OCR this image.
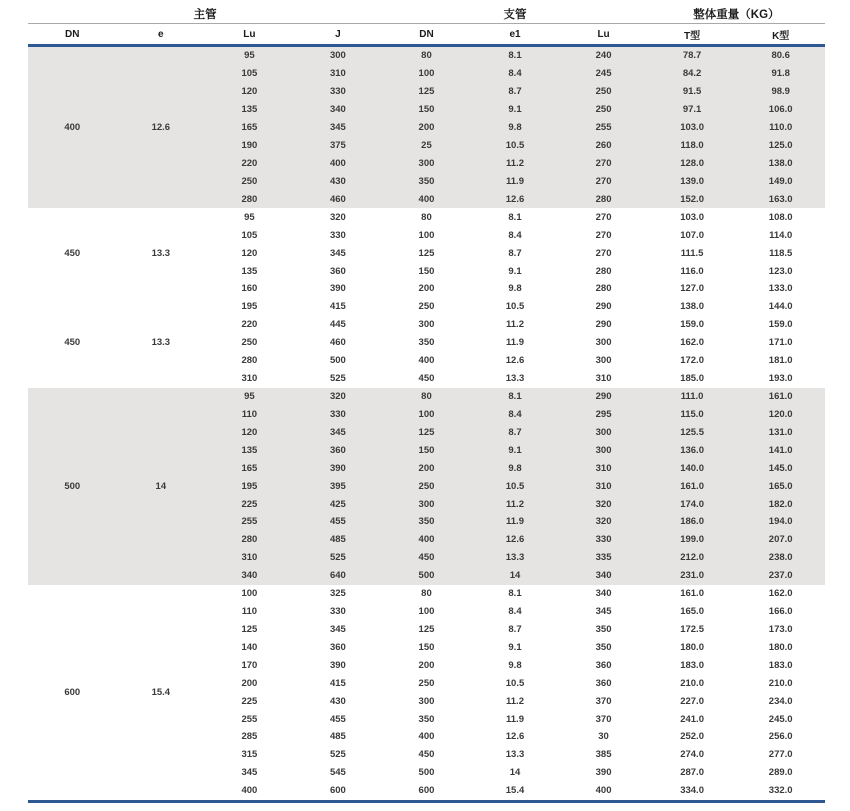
主管				支管			整体重量（KG）	
DN	e	Lu	J	DN	e1	Lu	T型	K型
400	12.6	95	300	80	8.1	240	78.7	80.6
		105	310	100	8.4	245	84.2	91.8
		120	330	125	8.7	250	91.5	98.9
		135	340	150	9.1	250	97.1	106.0
		165	345	200	9.8	255	103.0	110.0
		190	375	25	10.5	260	118.0	125.0
		220	400	300	11.2	270	128.0	138.0
		250	430	350	11.9	270	139.0	149.0
		280	460	400	12.6	280	152.0	163.0
450	13.3	95	320	80	8.1	270	103.0	108.0
		105	330	100	8.4	270	107.0	114.0
		120	345	125	8.7	270	111.5	118.5
		135	360	150	9.1	280	116.0	123.0
		160	390	200	9.8	280	127.0	133.0
450	13.3	195	415	250	10.5	290	138.0	144.0
		220	445	300	11.2	290	159.0	159.0
		250	460	350	11.9	300	162.0	171.0
		280	500	400	12.6	300	172.0	181.0
		310	525	450	13.3	310	185.0	193.0
500	14	95	320	80	8.1	290	111.0	161.0
		110	330	100	8.4	295	115.0	120.0
		120	345	125	8.7	300	125.5	131.0
		135	360	150	9.1	300	136.0	141.0
		165	390	200	9.8	310	140.0	145.0
		195	395	250	10.5	310	161.0	165.0
		225	425	300	11.2	320	174.0	182.0
		255	455	350	11.9	320	186.0	194.0
		280	485	400	12.6	330	199.0	207.0
		310	525	450	13.3	335	212.0	238.0
		340	640	500	14	340	231.0	237.0
600	15.4	100	325	80	8.1	340	161.0	162.0
		110	330	100	8.4	345	165.0	166.0
		125	345	125	8.7	350	172.5	173.0
		140	360	150	9.1	350	180.0	180.0
		170	390	200	9.8	360	183.0	183.0
		200	415	250	10.5	360	210.0	210.0
		225	430	300	11.2	370	227.0	234.0
		255	455	350	11.9	370	241.0	245.0
		285	485	400	12.6	30	252.0	256.0
		315	525	450	13.3	385	274.0	277.0
		345	545	500	14	390	287.0	289.0
		400	600	600	15.4	400	334.0	332.0
